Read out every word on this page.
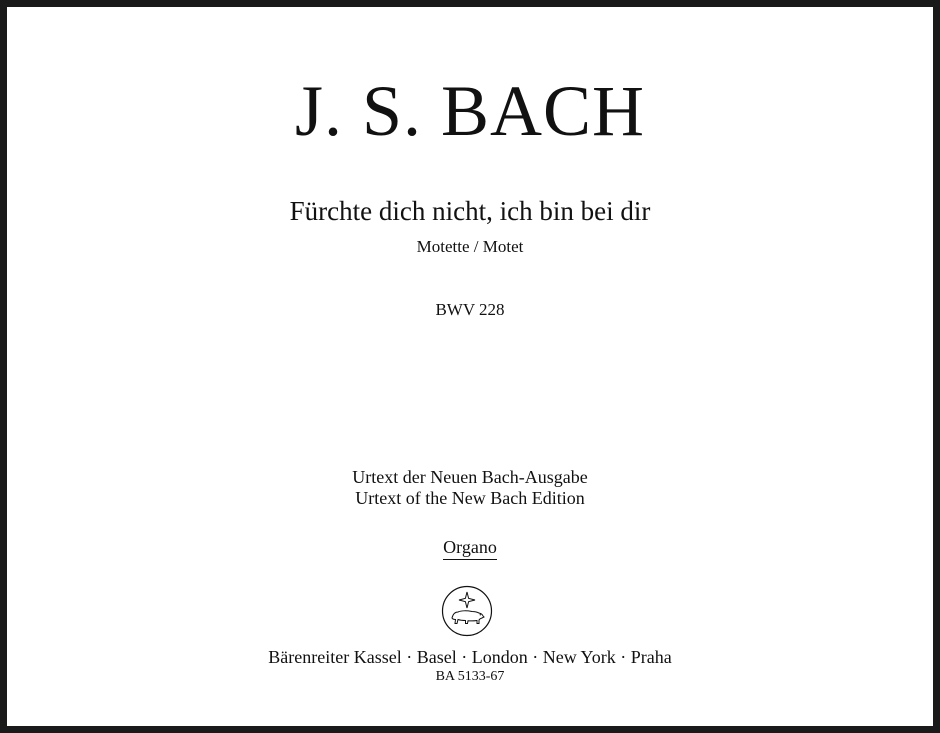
J. S. BACH
Fürchte dich nicht, ich bin bei dir
Motette / Motet
BWV 228
Urtext der Neuen Bach-Ausgabe
Urtext of the New Bach Edition
Organo
Bärenreiter Kassel · Basel · London · New York · Praha
BA 5133-67
